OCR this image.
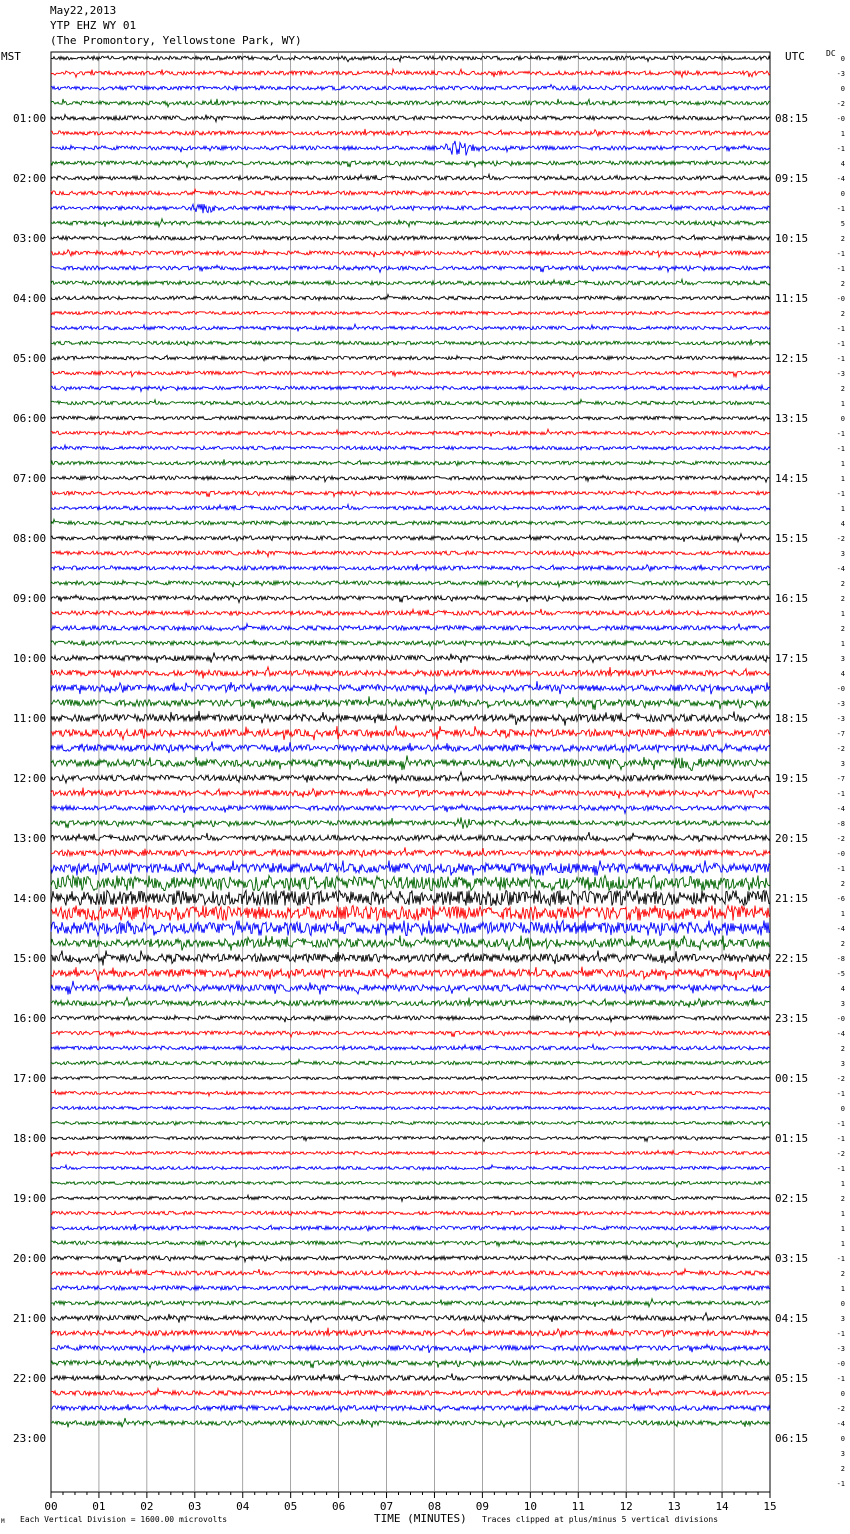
May22,2013
YTP EHZ WY 01
(The Promontory, Yellowstone Park, WY)
MST	UTC	DC
00	01	02	03	04	05	06	07	08	09	10	11	12	13	14	15
01:00
02:00
03:00
04:00
05:00
06:00
07:00
08:00
09:00
10:00
11:00
12:00
13:00
14:00
15:00
16:00
17:00
18:00
19:00
20:00
21:00
22:00
23:00
08:15
09:15
10:15
11:15
12:15
13:15
14:15
15:15
16:15
17:15
18:15
19:15
20:15
21:15
22:15
23:15
00:15
01:15
02:15
03:15
04:15
05:15
06:15
0
-3
0
-2
-0
1
-1
4
-4
0
-1
5
2
-1
-1
2
-0
2
-1
-1
-1
-3
2
1
0
-1
-1
1
1
-1
1
4
-2
3
-4
2
2
1
2
1
3
4
-0
-3
-3
-7
-2
3
-7
-1
-4
-8
-2
-0
-1
2
-6
1
-4
2
-8
-5
4
3
-0
-4
2
3
-2
-1
0
-1
-1
-2
-1
1
2
1
1
1
-1
2
1
0
3
-1
-3
-0
-1
0
-2
-4
0
3
2
-1
M Each Vertical Division = 1600.00 microvolts	TIME (MINUTES) Traces clipped at plus/minus 5 vertical divisions
